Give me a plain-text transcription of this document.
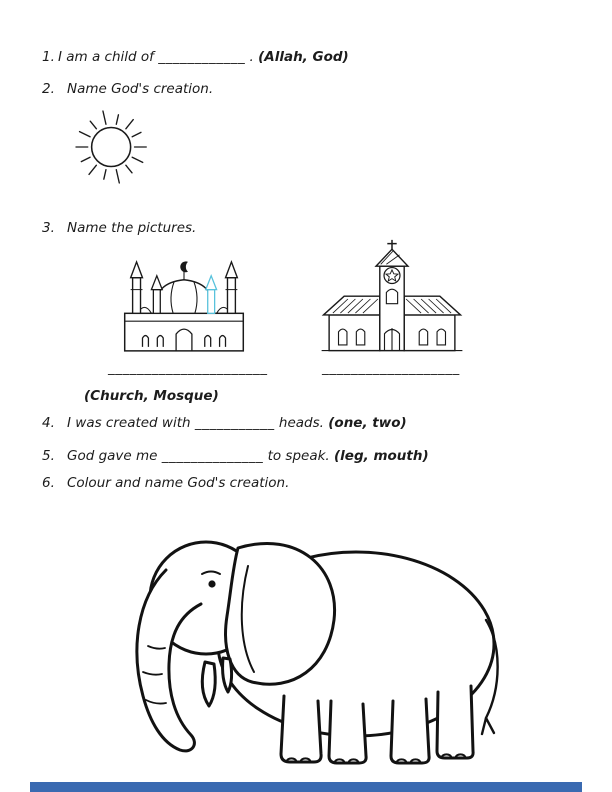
1. I am a child of ____________ . (Allah, God)
2. Name God's creation.
3. Name the pictures.
______________________	___________________
(Church, Mosque)
4. I was created with ___________ heads. (one, two)
5. God gave me ______________ to speak. (leg, mouth)
6. Colour and name God's creation.
